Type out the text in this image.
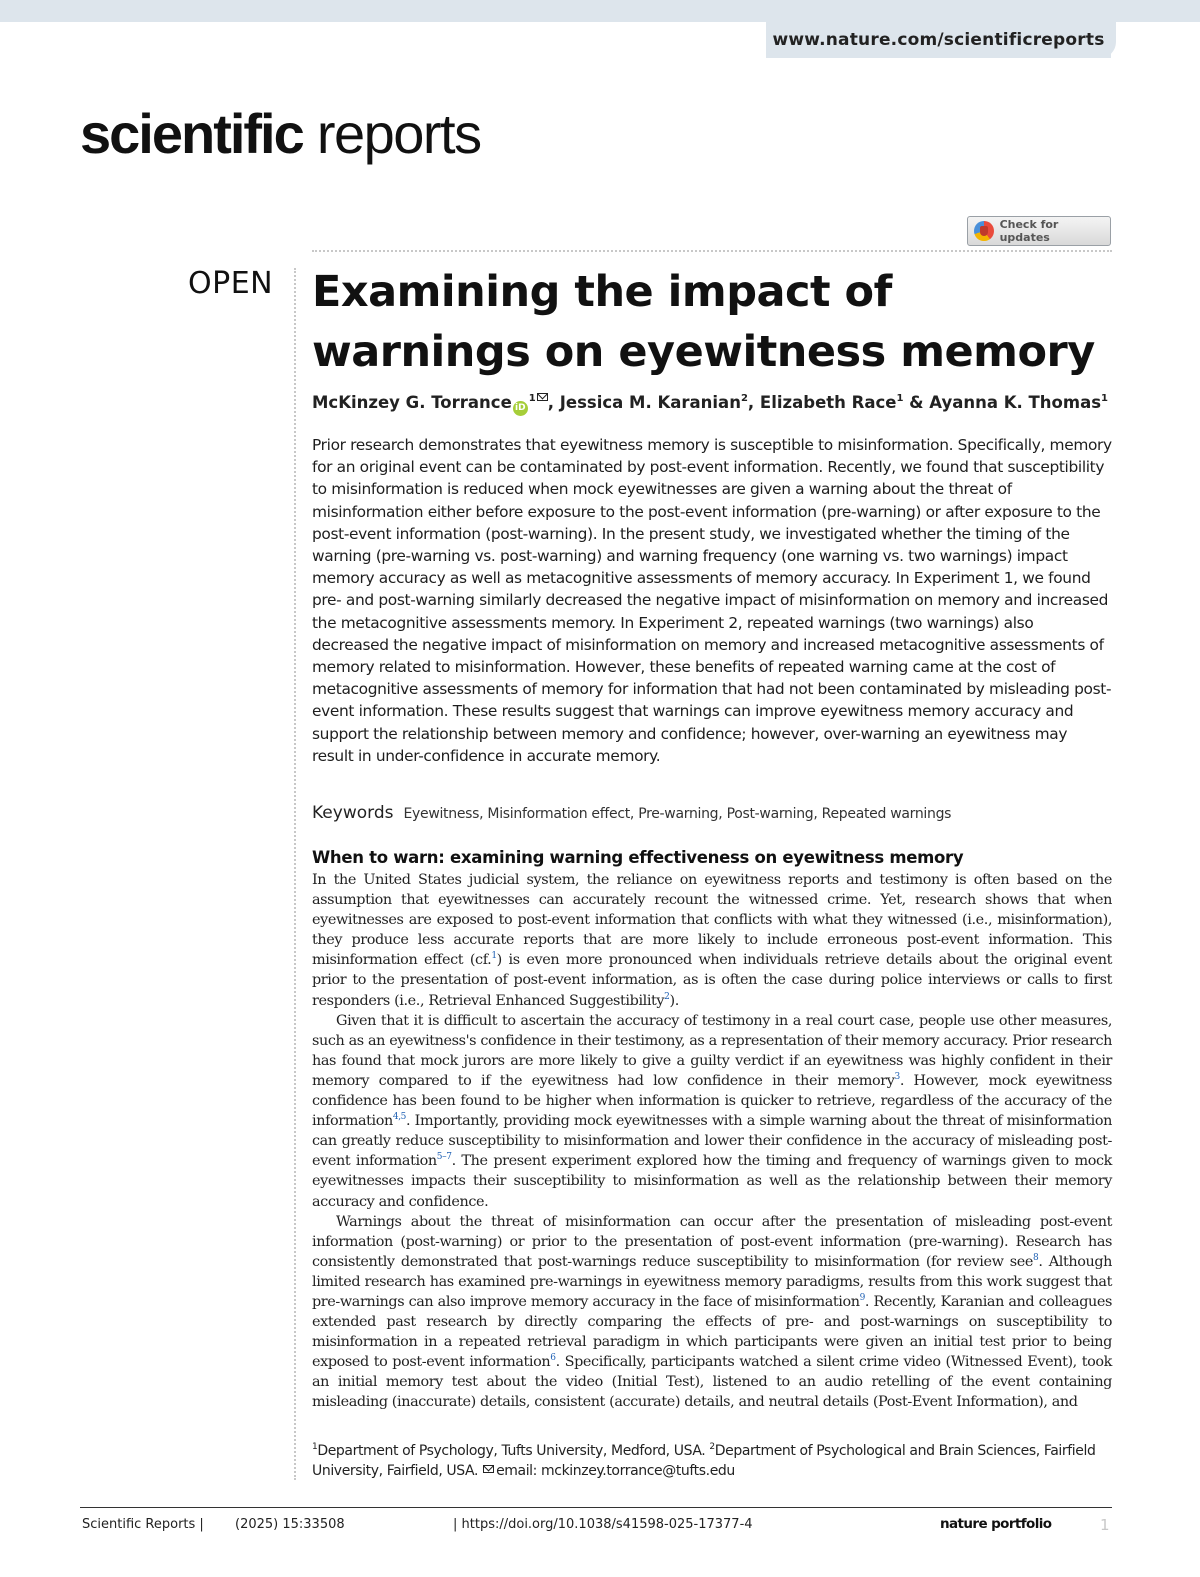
www.nature.com/scientificreports
scientific reports
Check for updates
OPEN Examining the impact of warnings on eyewitness memory
McKinzey G. Torrance $iD^1$ , Jessica M. Karanian$^2$, Elizabeth Race$^1$ & Ayanna K. Thomas$^1$

Prior research demonstrates that eyewitness memory is susceptible to misinformation. Specifically, memory for an original event can be contaminated by post-event information. Recently, we found that susceptibility to misinformation is reduced when mock eyewitnesses are given a warning about the threat of misinformation either before exposure to the post-event information (pre-warning) or after exposure to the post-event information (post-warning). In the present study, we investigated whether the timing of the warning (pre-warning vs. post-warning) and warning frequency (one warning vs. two warnings) impact memory accuracy as well as metacognitive assessments of memory accuracy. In Experiment 1, we found pre- and post-warning similarly decreased the negative impact of misinformation on memory and increased the metacognitive assessments memory. In Experiment 2, repeated warnings (two warnings) also decreased the negative impact of misinformation on memory and increased metacognitive assessments of memory related to misinformation. However, these benefits of repeated warning came at the cost of metacognitive assessments of memory for information that had not been contaminated by misleading post-event information. These results suggest that warnings can improve eyewitness memory accuracy and support the relationship between memory and confidence; however, over-warning an eyewitness may result in under-confidence in accurate memory.

Keywords Eyewitness, Misinformation effect, Pre-warning, Post-warning, Repeated warnings
When to warn: examining warning effectiveness on eyewitness memory

In the United States judicial system, the reliance on eyewitness reports and testimony is often based on the assumption that eyewitnesses can accurately recount the witnessed crime. Yet, research shows that when eyewitnesses are exposed to post-event information that conflicts with what they witnessed (i.e., misinformation), they produce less accurate reports that are more likely to include erroneous post-event information. This misinformation effect (cf.$^1$) is even more pronounced when individuals retrieve details about the original event prior to the presentation of post-event information, as is often the case during police interviews or calls to first responders (i.e., Retrieval Enhanced Suggestibility$^2$).

Given that it is difficult to ascertain the accuracy of testimony in a real court case, people use other measures, such as an eyewitness's confidence in their testimony, as a representation of their memory accuracy. Prior research has found that mock jurors are more likely to give a guilty verdict if an eyewitness was highly confident in their memory compared to if the eyewitness had low confidence in their memory$^3$. However, mock eyewitness confidence has been found to be higher when information is quicker to retrieve, regardless of the accuracy of the information$^{4,5}$. Importantly, providing mock eyewitnesses with a simple warning about the threat of misinformation can greatly reduce susceptibility to misinformation and lower their confidence in the accuracy of misleading post-event information$^{5-7}$. The present experiment explored how the timing and frequency of warnings given to mock eyewitnesses impacts their susceptibility to misinformation as well as the relationship between their memory accuracy and confidence.

Warnings about the threat of misinformation can occur after the presentation of misleading post-event information (post-warning) or prior to the presentation of post-event information (pre-warning). Research has consistently demonstrated that post-warnings reduce susceptibility to misinformation (for review see$^8$. Although limited research has examined pre-warnings in eyewitness memory paradigms, results from this work suggest that pre-warnings can also improve memory accuracy in the face of misinformation$^9$. Recently, Karanian and colleagues extended past research by directly comparing the effects of pre- and post-warnings on susceptibility to misinformation in a repeated retrieval paradigm in which participants were given an initial test prior to being exposed to post-event information$^6$. Specifically, participants watched a silent crime video (Witnessed Event), took an initial memory test about the video (Initial Test), listened to an audio retelling of the event containing misleading (inaccurate) details, consistent (accurate) details, and neutral details (Post-Event Information), and

$^1$Department of Psychology, Tufts University, Medford, USA. $^2$Department of Psychological and Brain Sciences, Fairfield University, Fairfield, USA. email: mckinzey.torrance@tufts.edu
Scientific Reports | (2025) 15:33508	| https://doi.org/10.1038/s41598-025-17377-4	nature portfolio	1
